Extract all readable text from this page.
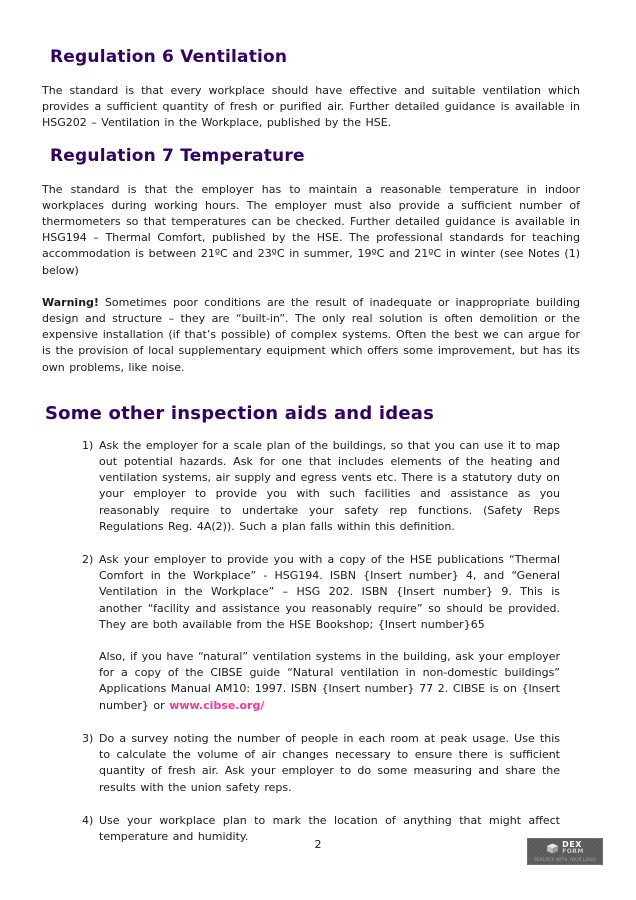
Regulation 6 Ventilation

The standard is that every workplace should have effective and suitable ventilation which provides a sufficient quantity of fresh or purified air. Further detailed guidance is available in HSG202 – Ventilation in the Workplace, published by the HSE.

Regulation 7 Temperature

The standard is that the employer has to maintain a reasonable temperature in indoor workplaces during working hours. The employer must also provide a sufficient number of thermometers so that temperatures can be checked. Further detailed guidance is available in HSG194 – Thermal Comfort, published by the HSE. The professional standards for teaching accommodation is between 21ºC and 23ºC in summer, 19ºC and 21ºC in winter (see Notes (1) below)

Warning! Sometimes poor conditions are the result of inadequate or inappropriate building design and structure – they are “built-in”. The only real solution is often demolition or the expensive installation (if that’s possible) of complex systems. Often the best we can argue for is the provision of local supplementary equipment which offers some improvement, but has its own problems, like noise.

Some other inspection aids and ideas
1) Ask the employer for a scale plan of the buildings, so that you can use it to map out potential hazards. Ask for one that includes elements of the heating and ventilation systems, air supply and egress vents etc. There is a statutory duty on your employer to provide you with such facilities and assistance as you reasonably require to undertake your safety rep functions. (Safety Reps Regulations Reg. 4A(2)). Such a plan falls within this definition.
2) Ask your employer to provide you with a copy of the HSE publications “Thermal Comfort in the Workplace” - HSG194. ISBN {Insert number} 4, and “General Ventilation in the Workplace” – HSG 202. ISBN {Insert number} 9. This is another “facility and assistance you reasonably require” so should be provided. They are both available from the HSE Bookshop; {Insert number}65
Also, if you have “natural” ventilation systems in the building, ask your employer for a copy of the CIBSE guide “Natural ventilation in non-domestic buildings” Applications Manual AM10: 1997. ISBN {Insert number} 77 2. CIBSE is on {Insert number} or www.cibse.org/
3) Do a survey noting the number of people in each room at peak usage. Use this to calculate the volume of air changes necessary to ensure there is sufficient quantity of fresh air. Ask your employer to do some measuring and share the results with the union safety reps.
4) Use your workplace plan to mark the location of anything that might affect temperature and humidity.
2	DEX
FORM
REPLACE WITH YOUR LOGO
